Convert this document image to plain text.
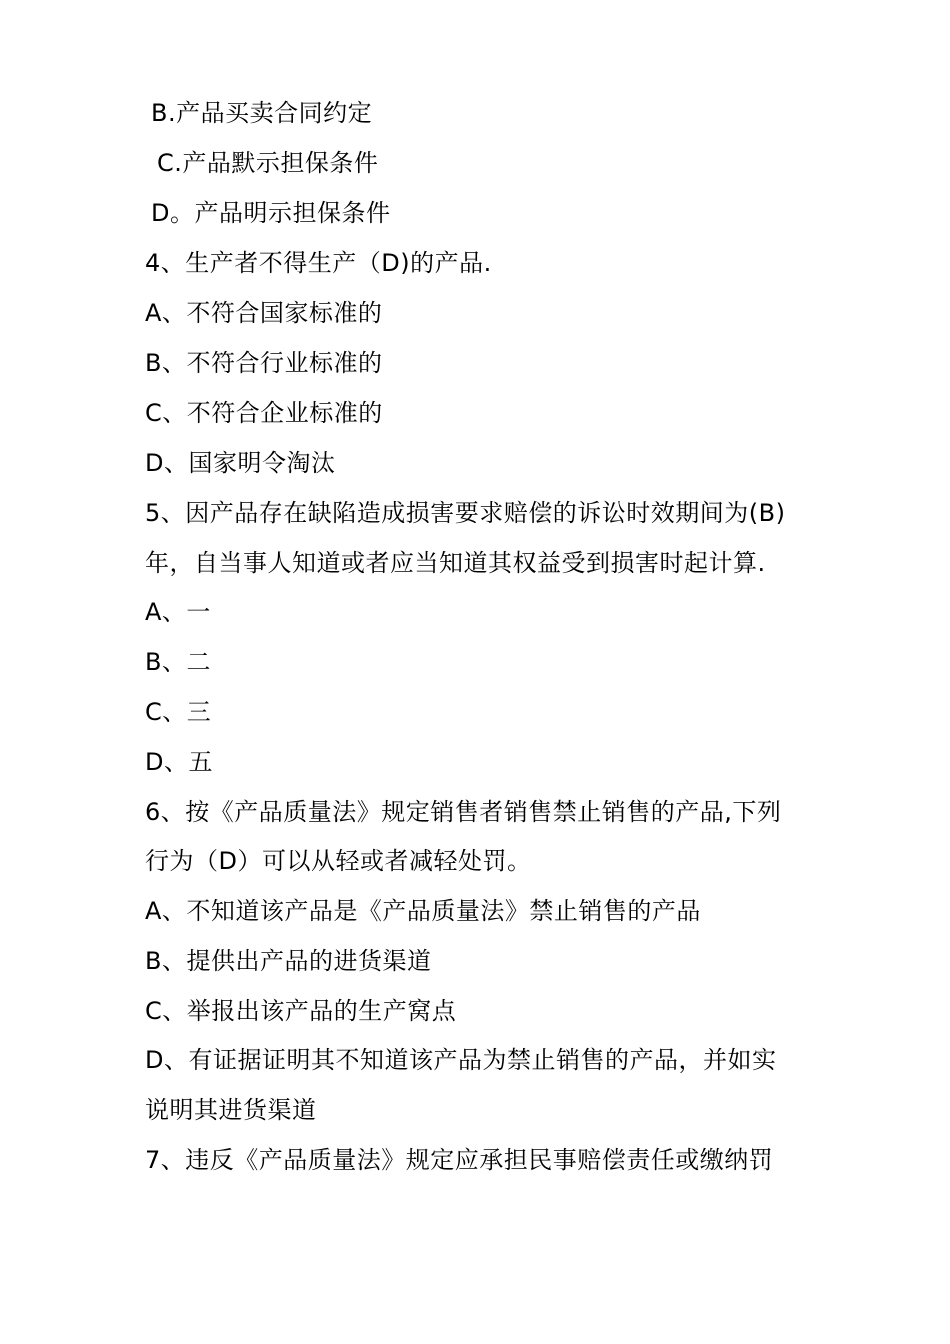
B.产品买卖合同约定
C.产品默示担保条件
D。产品明示担保条件
4、生产者不得生产（D)的产品.
A、不符合国家标准的
B、不符合行业标准的
C、不符合企业标准的
D、国家明令淘汰
5、因产品存在缺陷造成损害要求赔偿的诉讼时效期间为(B)
年，自当事人知道或者应当知道其权益受到损害时起计算.
A、一
B、二
C、三
D、五
6、按《产品质量法》规定销售者销售禁止销售的产品,下列
行为（D）可以从轻或者减轻处罚。
A、不知道该产品是《产品质量法》禁止销售的产品
B、提供出产品的进货渠道
C、举报出该产品的生产窝点
D、有证据证明其不知道该产品为禁止销售的产品，并如实
说明其进货渠道
7、违反《产品质量法》规定应承担民事赔偿责任或缴纳罚
